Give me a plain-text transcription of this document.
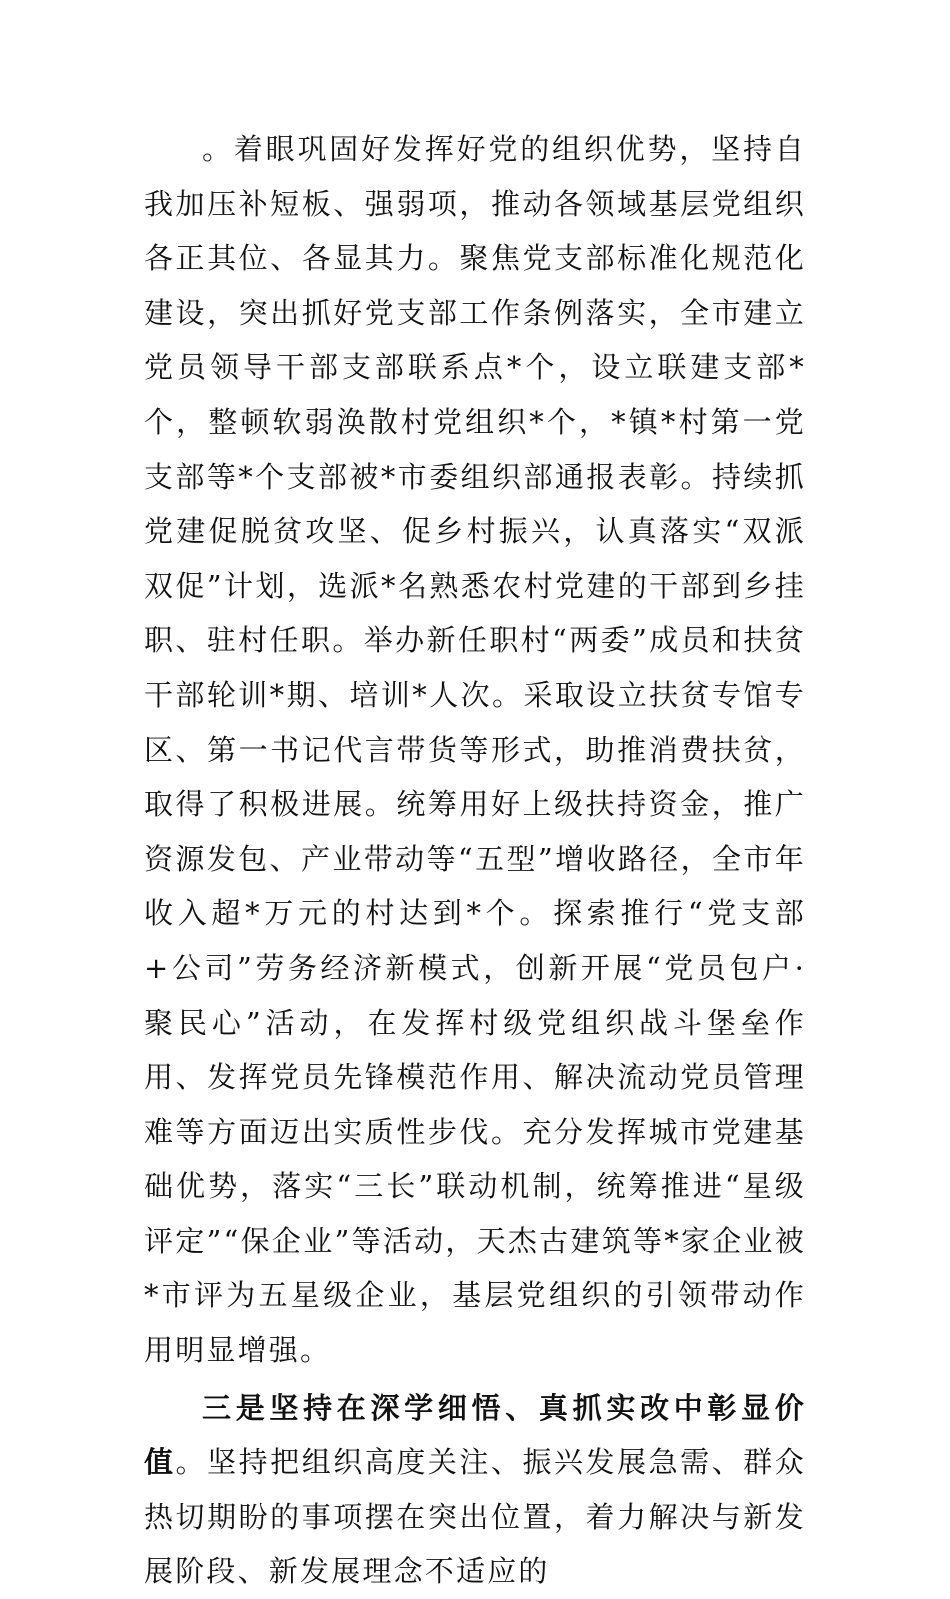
。着眼巩固好发挥好党的组织优势，坚持自我加压补短板、强弱项，推动各领域基层党组织各正其位、各显其力。聚焦党支部标准化规范化建设，突出抓好党支部工作条例落实，全市建立党员领导干部支部联系点*个，设立联建支部*个，整顿软弱涣散村党组织*个，*镇*村第一党支部等*个支部被*市委组织部通报表彰。持续抓党建促脱贫攻坚、促乡村振兴，认真落实“双派双促”计划，选派*名熟悉农村党建的干部到乡挂职、驻村任职。举办新任职村“两委”成员和扶贫干部轮训*期、培训*人次。采取设立扶贫专馆专区、第一书记代言带货等形式，助推消费扶贫，取得了积极进展。统筹用好上级扶持资金，推广资源发包、产业带动等“五型”增收路径，全市年收入超*万元的村达到*个。探索推行“党支部+公司”劳务经济新模式，创新开展“党员包户·聚民心”活动，在发挥村级党组织战斗堡垒作用、发挥党员先锋模范作用、解决流动党员管理难等方面迈出实质性步伐。充分发挥城市党建基础优势，落实“三长”联动机制，统筹推进“星级评定”“保企业”等活动，天杰古建筑等*家企业被*市评为五星级企业，基层党组织的引领带动作用明显增强。

三是坚持在深学细悟、真抓实改中彰显价值。坚持把组织高度关注、振兴发展急需、群众热切期盼的事项摆在突出位置，着力解决与新发展阶段、新发展理念不适应的
